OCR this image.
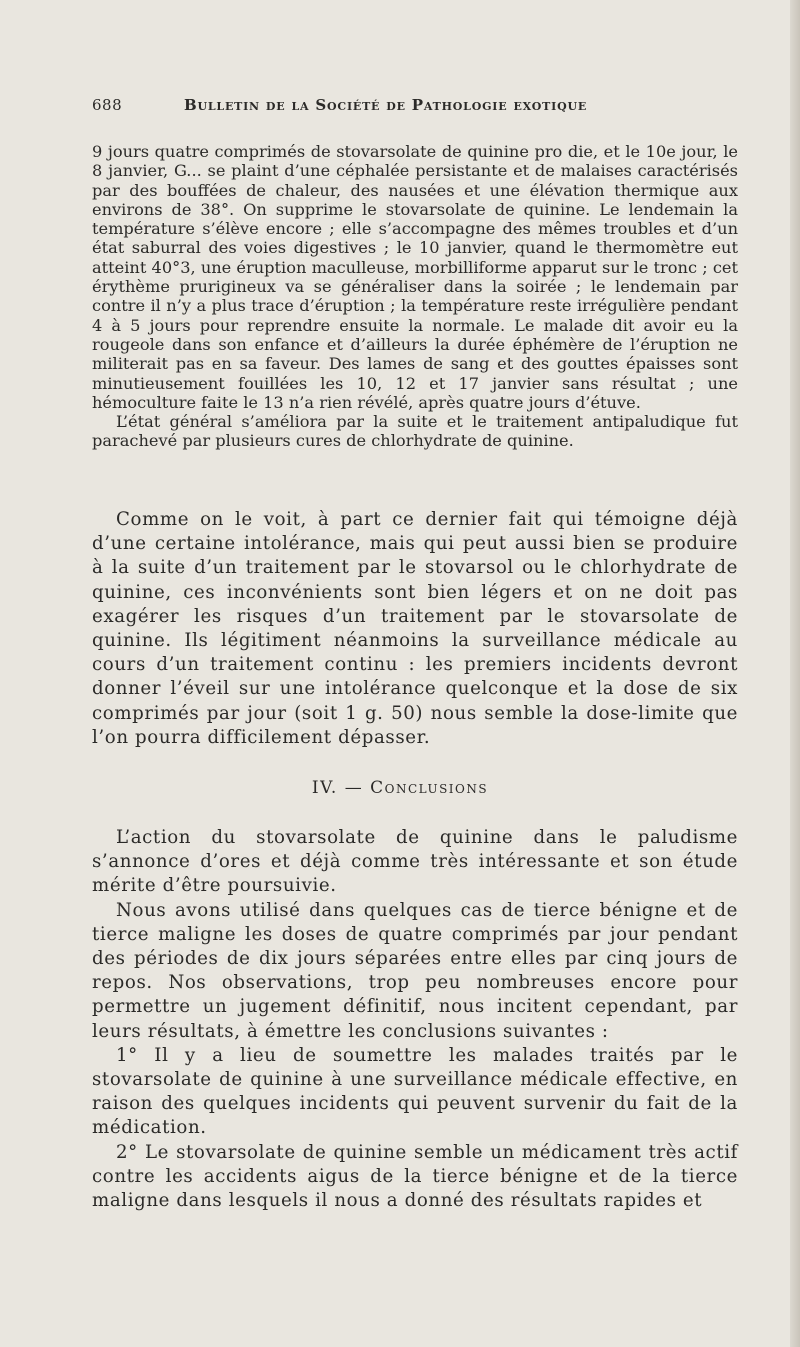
688	Bulletin de la Société de Pathologie exotique

9 jours quatre comprimés de stovarsolate de quinine pro die, et le 10e jour, le 8 janvier, G... se plaint d’une céphalée persistante et de malaises caractérisés par des bouffées de chaleur, des nausées et une élévation thermique aux environs de 38°. On supprime le stovarsolate de quinine. Le lendemain la température s’élève encore ; elle s’accompagne des mêmes troubles et d’un état saburral des voies digestives ; le 10 janvier, quand le thermomètre eut atteint 40°3, une éruption maculleuse, morbilliforme apparut sur le tronc ; cet érythème prurigineux va se généraliser dans la soirée ; le lendemain par contre il n’y a plus trace d’éruption ; la température reste irrégulière pendant 4 à 5 jours pour reprendre ensuite la normale. Le malade dit avoir eu la rougeole dans son enfance et d’ailleurs la durée éphémère de l’éruption ne militerait pas en sa faveur. Des lames de sang et des gouttes épaisses sont minutieusement fouillées les 10, 12 et 17 janvier sans résultat ; une hémoculture faite le 13 n’a rien révélé, après quatre jours d’étuve.

L’état général s’améliora par la suite et le traitement antipaludique fut parachevé par plusieurs cures de chlorhydrate de quinine.

Comme on le voit, à part ce dernier fait qui témoigne déjà d’une certaine intolérance, mais qui peut aussi bien se produire à la suite d’un traitement par le stovarsol ou le chlorhydrate de quinine, ces inconvénients sont bien légers et on ne doit pas exagérer les risques d’un traitement par le stovarsolate de quinine. Ils légitiment néanmoins la surveillance médicale au cours d’un traitement continu : les premiers incidents devront donner l’éveil sur une intolérance quelconque et la dose de six comprimés par jour (soit 1 g. 50) nous semble la dose-limite que l’on pourra difficilement dépasser.

IV. — Conclusions

L’action du stovarsolate de quinine dans le paludisme s’annonce d’ores et déjà comme très intéressante et son étude mérite d’être poursuivie.

Nous avons utilisé dans quelques cas de tierce bénigne et de tierce maligne les doses de quatre comprimés par jour pendant des périodes de dix jours séparées entre elles par cinq jours de repos. Nos observations, trop peu nombreuses encore pour permettre un jugement définitif, nous incitent cependant, par leurs résultats, à émettre les conclusions suivantes :

1° Il y a lieu de soumettre les malades traités par le stovarsolate de quinine à une surveillance médicale effective, en raison des quelques incidents qui peuvent survenir du fait de la médication.

2° Le stovarsolate de quinine semble un médicament très actif contre les accidents aigus de la tierce bénigne et de la tierce maligne dans lesquels il nous a donné des résultats rapides et
